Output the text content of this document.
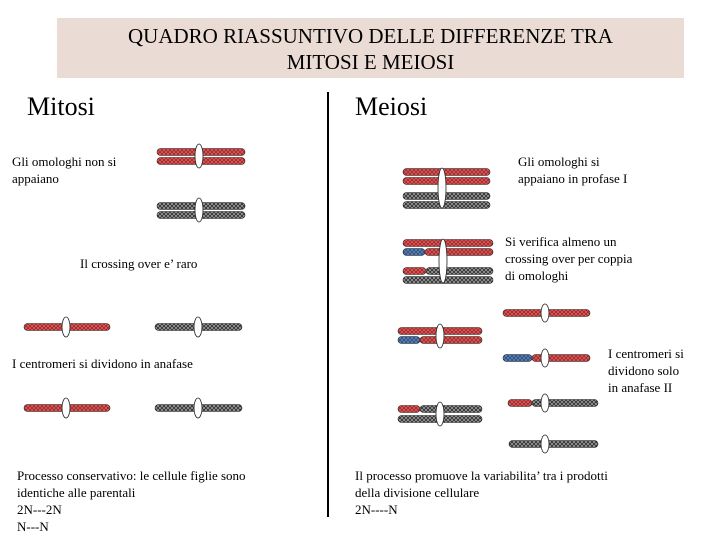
QUADRO RIASSUNTIVO DELLE DIFFERENZE TRA
MITOSI E MEIOSI
Mitosi	Meiosi
Gli omologhi non si
appaiano
Il crossing over e’ raro
I centromeri si dividono in anafase
Processo conservativo: le cellule figlie sono
identiche alle parentali
2N---2N
N---N
Gli omologhi si
appaiano in profase I
Si verifica almeno un
crossing over per coppia
di omologhi
I centromeri si
dividono solo
in anafase II
Il processo promuove la variabilita’ tra i prodotti
della divisione cellulare
2N----N
